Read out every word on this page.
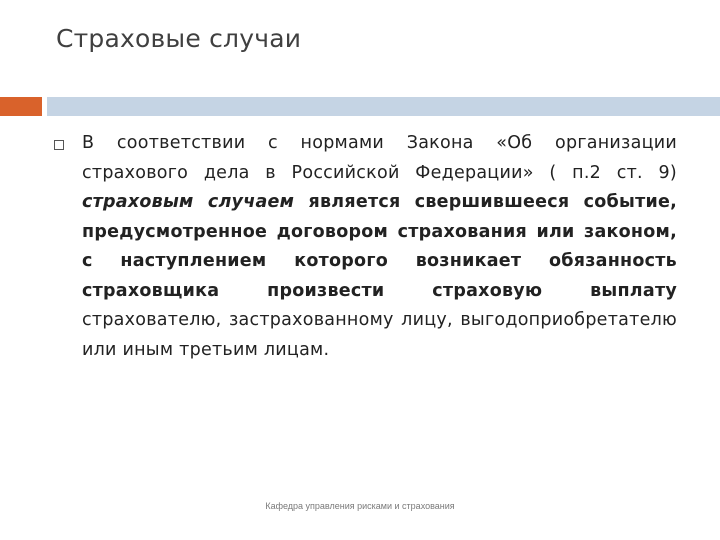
Страховые случаи

В соответствии с нормами Закона «Об организации страхового дела в Российской Федерации» ( п.2 ст. 9) страховым случаем является свершившееся событие, предусмотренное договором страхования или законом, с наступлением которого возникает обязанность страховщика произвести страховую выплату страхователю, застрахованному лицу, выгодоприобретателю или иным третьим лицам.

Кафедра управления рисками и страхования
